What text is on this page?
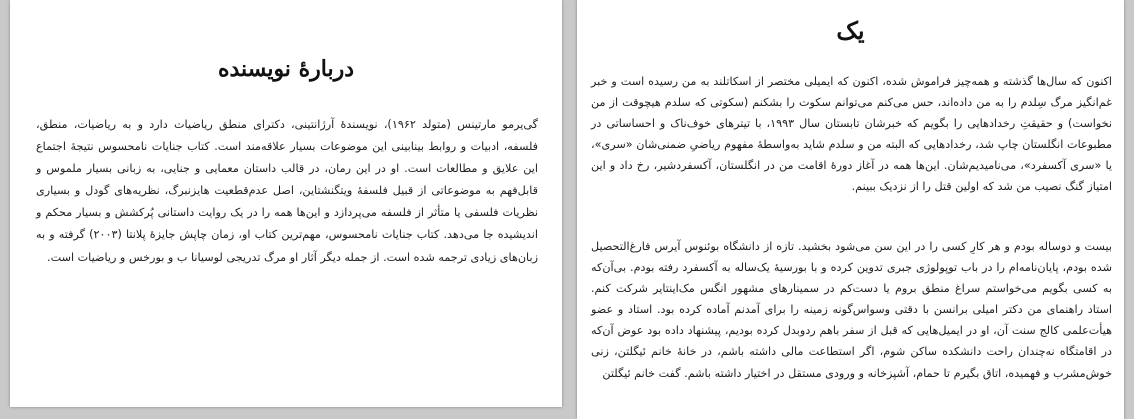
دربارهٔ نویسنده

گی‌یرمو مارتینس (متولد ۱۹۶۲)، نویسندهٔ آرژانتینی، دکترای منطق ریاضیات دارد و به ریاضیات، منطق، فلسفه، ادبیات و روابط بینابینی این موضوعات بسیار علاقه‌مند است. کتاب جنایات نامحسوس نتیجهٔ اجتماع این علایق و مطالعات است. او در این رمان، در قالب داستان معمایی و جنایی، به زبانی بسیار ملموس و قابل‌فهم به موضوعاتی از قبیل فلسفهٔ ویتگنشتاین، اصل عدم‌قطعیت هایزنبرگ، نظریه‌های گودل و بسیاری نظریات فلسفی یا متأثر از فلسفه می‌پردازد و این‌ها همه را در یک روایت داستانی پُرکشش و بسیار محکم و اندیشیده جا می‌دهد. کتاب جنایات نامحسوس، مهم‌ترین کتاب او، زمان چاپش جایزهٔ پلانتا (۲۰۰۳) گرفته و به زبان‌های زیادی ترجمه شده است. از جمله دیگر آثار او مرگ تدریجی لوسیانا ب و بورخس و ریاضیات است.

یک

اکنون که سال‌ها گذشته و همه‌چیز فراموش شده، اکنون که ایمیلی مختصر از اسکاتلند به من رسیده است و خبر غم‌انگیز مرگ سِلدم را به من داده‌اند، حس می‌کنم می‌توانم سکوت را بشکنم (سکوتی که سلدم هیچوقت از من نخواست) و حقیقتِ رخدادهایی را بگویم که خبرشان تابستان سال ۱۹۹۳، با تیترهای خوف‌ناک و احساساتی در مطبوعات انگلستان چاپ شد، رخدادهایی که البته من و سلدم شاید به‌واسطهٔ مفهوم ریاضیِ ضمنی‌شان «سری»، یا «سری آکسفرد»، می‌نامیدیم‌شان. این‌ها همه در آغاز دورهٔ اقامت من در انگلستان، آکسفردشیر، رخ داد و این امتیاز گنگ نصیب من شد که اولین قتل را از نزدیک ببینم.

بیست و دوساله بودم و هر کارِ کسی را در این سن می‌شود بخشید. تازه از دانشگاه بوئنوس آیرس فارغ‌التحصیل شده بودم، پایان‌نامه‌ام را در باب توپولوژی جبری تدوین کرده و با بورسیهٔ یک‌ساله به آکسفرد رفته بودم. بی‌آن‌که به کسی بگویم می‌خواستم سراغ منطق بروم یا دست‌کم در سمینارهای مشهور انگس مک‌اینتایر شرکت کنم. استاد راهنمای من دکتر امیلی برانسن با دقتی وسواس‌گونه زمینه را برای آمدنم آماده کرده بود. استاد و عضو هیأت‌علمی کالج سنت آن، او در ایمیل‌هایی که قبل از سفر باهم ردوبدل کرده بودیم، پیشنهاد داده بود عوض آن‌که در اقامتگاه نه‌چندان راحت دانشکده ساکن شوم، اگر استطاعت مالی داشته باشم، در خانهٔ خانم ئیگلتن، زنی خوش‌مشرب و فهمیده، اتاق بگیرم تا حمام، آشپزخانه و ورودی مستقل در اختیار داشته باشم. گفت خانم ئیگلتن
